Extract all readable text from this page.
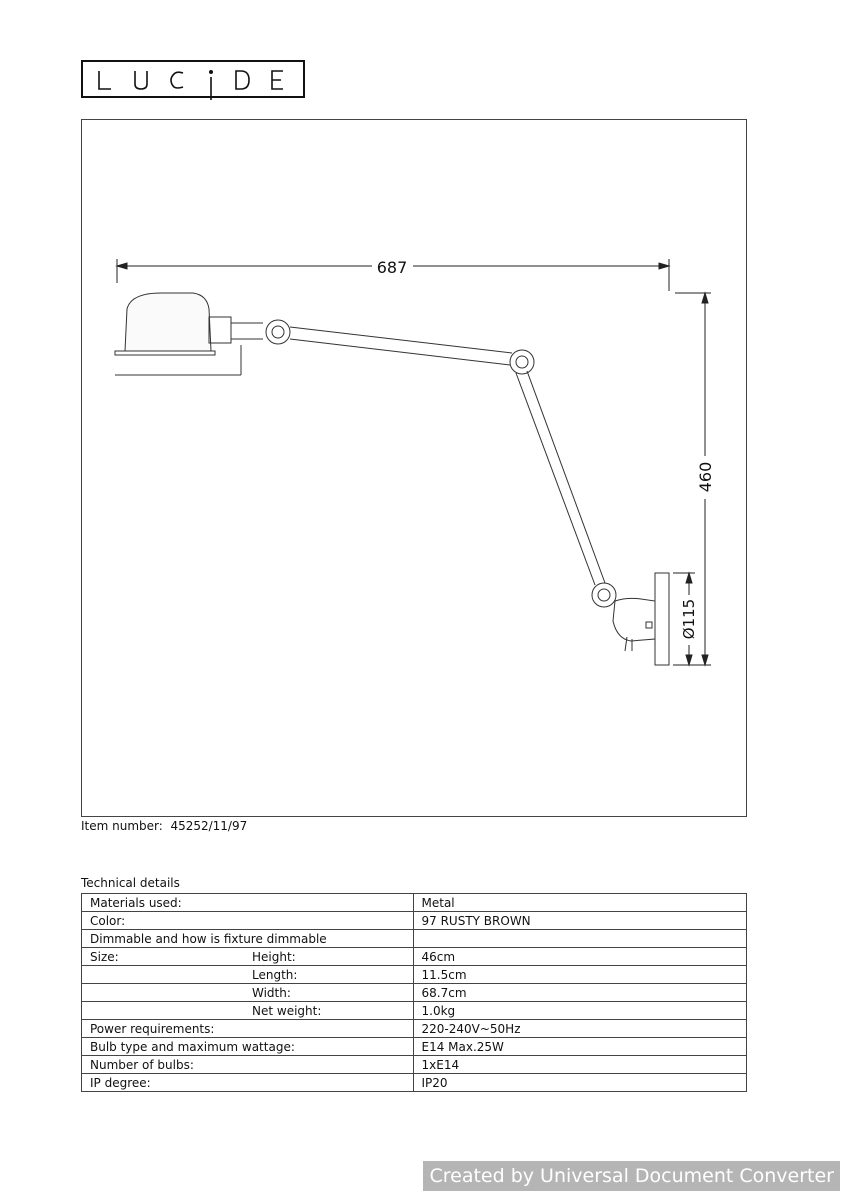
687
460
Ø115
Item number: 45252/11/97
Technical details
Materials used:	Metal
Color:	97 RUSTY BROWN
Dimmable and how is fixture dimmable

Size: Height:	46cm

Length:	11.5cm

Width:	68.7cm

Net weight:	1.0kg
Power requirements:	220-240V~50Hz
Bulb type and maximum wattage:	E14 Max.25W
Number of bulbs:	1xE14
IP degree:	IP20
Created by Universal Document Converter
